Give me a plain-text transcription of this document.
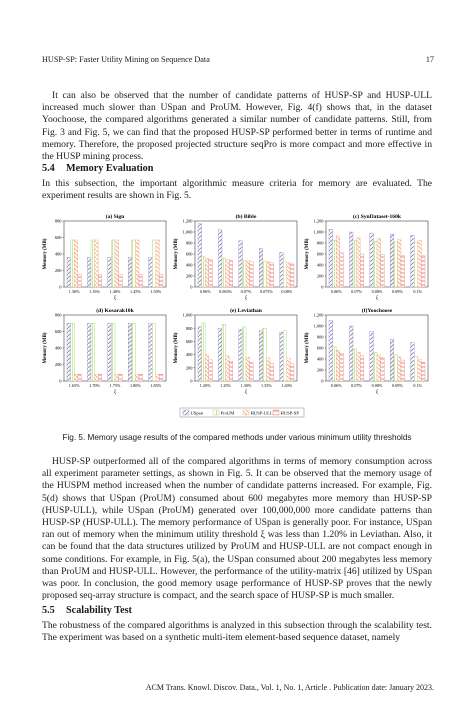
HUSP-SP: Faster Utility Mining on Sequence Data	17

It can also be observed that the number of candidate patterns of HUSP-SP and HUSP-ULL increased much slower than USpan and ProUM. However, Fig. 4(f) shows that, in the dataset Yoochoose, the compared algorithms generated a similar number of candidate patterns. Still, from Fig. 3 and Fig. 5, we can find that the proposed HUSP-SP performed better in terms of runtime and memory. Therefore, the proposed projected structure seqPro is more compact and more effective in the HUSP mining process.

5.4 Memory Evaluation

In this subsection, the important algorithmic measure criteria for memory are evaluated. The experiment results are shown in Fig. 5.

(a) Sign
Memory (MB)
0
200
400
600
800
1.30% 1.35% 1.40% 1.45% 1.50%
ξ
(b) Bible
Memory (MB)
0
200
400
600
800
1,000
1,200
0.06% 0.065% 0.07% 0.075% 0.08%
ξ
(c) SynDataset-160k
Memory (MB)
0
200
400
600
800
1,000
1,200
0.06% 0.07% 0.08% 0.09%	0.1%
ξ
(d) Kosarak10k
Memory (MB)
0
200
400
600
800
1.65% 1.70% 1.75% 1.80% 1.85%
ξ
(e) Leviathan
Memory (MB)
0
200
400
600
800
1,000
1.20% 1.25% 1.30% 1.35% 1.40%
ξ
(f)Yoochoose
Memory (MB)
0
200
400
600
800
1,000
1,200
0.06% 0.07% 0.08% 0.09%	0.1%
ξ
USpan	ProUM	HUSP-ULL HUSP-SP
Fig. 5. Memory usage results of the compared methods under various minimum utility thresholds

HUSP-SP outperformed all of the compared algorithms in terms of memory consumption across all experiment parameter settings, as shown in Fig. 5. It can be observed that the memory usage of the HUSPM method increased when the number of candidate patterns increased. For example, Fig. 5(d) shows that USpan (ProUM) consumed about 600 megabytes more memory than HUSP-SP (HUSP-ULL), while USpan (ProUM) generated over 100,000,000 more candidate patterns than HUSP-SP (HUSP-ULL). The memory performance of USpan is generally poor. For instance, USpan ran out of memory when the minimum utility threshold ξ was less than 1.20% in Leviathan. Also, it can be found that the data structures utilized by ProUM and HUSP-ULL are not compact enough in some conditions. For example, in Fig. 5(a), the USpan consumed about 200 megabytes less memory than ProUM and HUSP-ULL. However, the performance of the utility-matrix [46] utilized by USpan was poor. In conclusion, the good memory usage performance of HUSP-SP proves that the newly proposed seq-array structure is compact, and the search space of HUSP-SP is much smaller.

5.5 Scalability Test

The robustness of the compared algorithms is analyzed in this subsection through the scalability test. The experiment was based on a synthetic multi-item element-based sequence dataset, namely

ACM Trans. Knowl. Discov. Data., Vol. 1, No. 1, Article . Publication date: January 2023.
